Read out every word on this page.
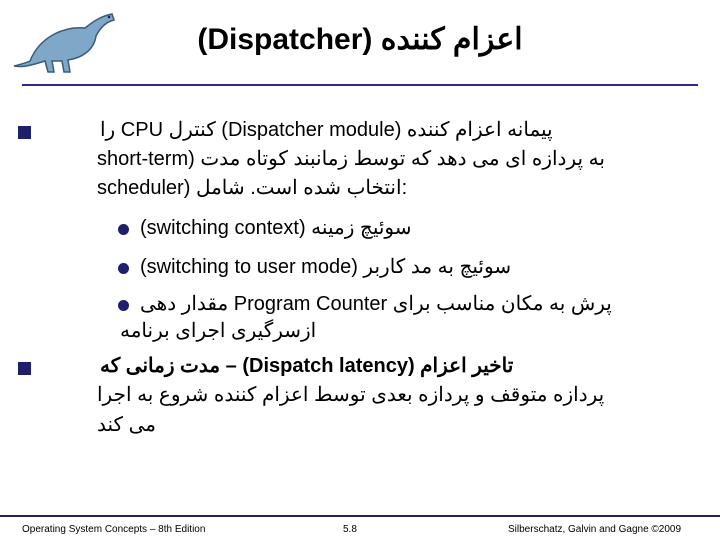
اعزام کننده (Dispatcher)
پیمانه اعزام کننده (Dispatcher module) کنترل CPU را
به پردازه ای می دهد که توسط زمانبند کوتاه مدت (short-term
scheduler) انتخاب شده است. شامل:
سوئیچ زمینه (switching context)
سوئیچ به مد کاربر (switching to user mode)
پرش به مکان مناسب برای Program Counter مقدار دهی
ازسرگیری اجرای برنامه
تاخیر اعزام (Dispatch latency) – مدت زمانی که
پردازه متوقف و پردازه بعدی توسط اعزام کننده شروع به اجرا
می کند
Operating System Concepts – 8th Edition	5.8	Silberschatz, Galvin and Gagne ©2009
